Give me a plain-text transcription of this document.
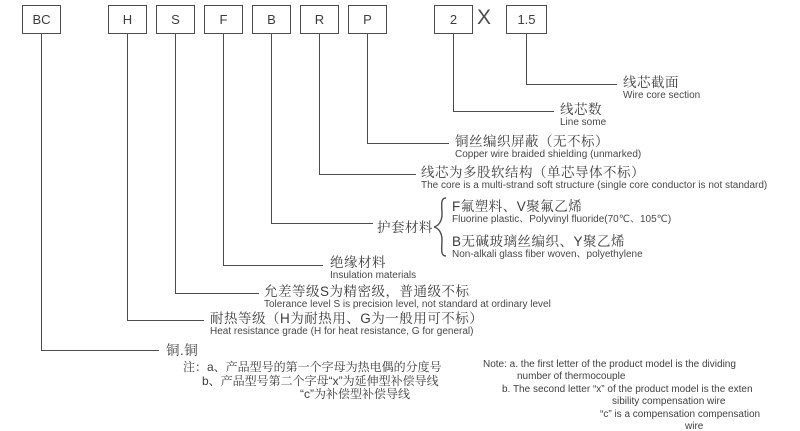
BC	H	S	F	B	R	P	2 X	1.5
线芯截面
Wire core section
线芯数
Line some
铜丝编织屏蔽（无不标）
Copper wire braided shielding (unmarked)
线芯为多股软结构（单芯导体不标）
The core is a multi-strand soft structure (single core conductor is not standard)
护套材料
F氟塑料、V聚氟乙烯
Fluorine plastic、Polyvinyl fluoride(70℃、105℃)
B无碱玻璃丝编织、Y聚乙烯
Non-alkali glass fiber woven、polyethylene
绝缘材料
Insulation materials
允差等级S为精密级，普通级不标
Tolerance level S is precision level, not standard at ordinary level
耐热等级（H为耐热用、G为一般用可不标）
Heat resistance grade (H for heat resistance, G for general)
铜.铜
注：a、产品型号的第一个字母为热电偶的分度号
b、产品型号第二个字母“x”为延伸型补偿导线
“c”为补偿型补偿导线
Note: a. the first letter of the product model is the dividing
number of thermocouple
b. The second letter “x” of the product model is the exten
sibility compensation wire
“c” is a compensation compensation
wire
